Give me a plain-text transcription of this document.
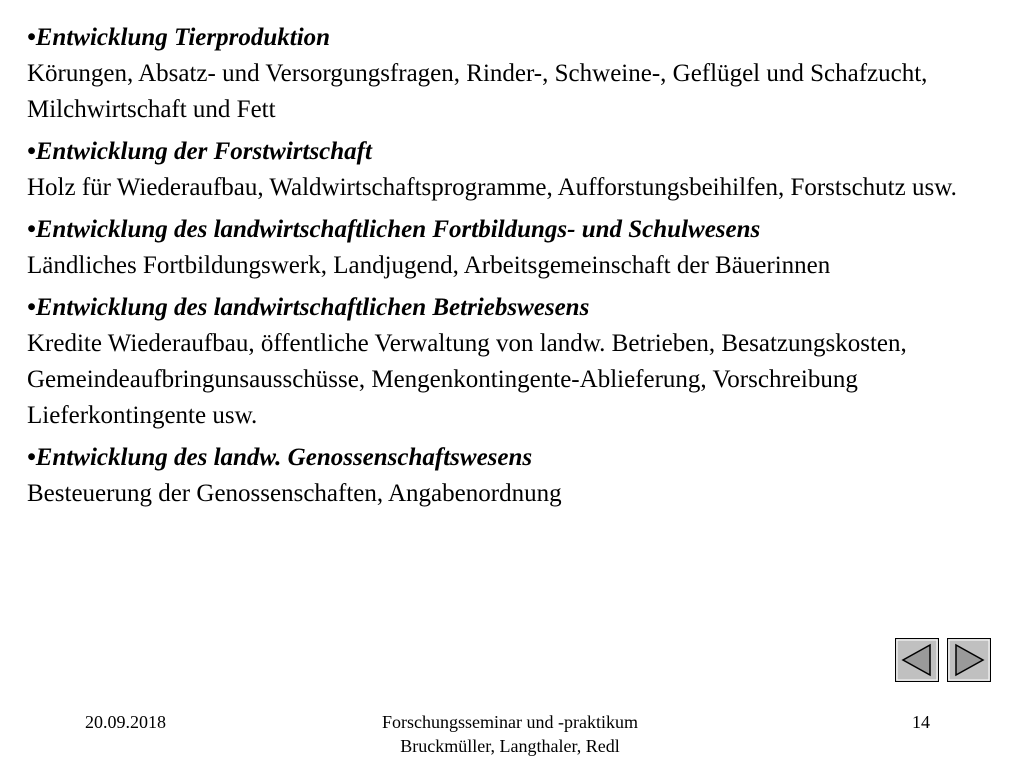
•Entwicklung Tierproduktion

Körungen, Absatz- und Versorgungsfragen, Rinder-, Schweine-, Geflügel und Schafzucht, Milchwirtschaft und Fett

•Entwicklung der Forstwirtschaft

Holz für Wiederaufbau, Waldwirtschaftsprogramme, Aufforstungsbeihilfen, Forstschutz usw.

•Entwicklung des landwirtschaftlichen Fortbildungs- und Schulwesens

Ländliches Fortbildungswerk, Landjugend, Arbeitsgemeinschaft der Bäuerinnen

•Entwicklung des landwirtschaftlichen Betriebswesens

Kredite Wiederaufbau, öffentliche Verwaltung von landw. Betrieben, Besatzungskosten, Gemeindeaufbringunsausschüsse, Mengenkontingente-Ablieferung, Vorschreibung Lieferkontingente usw.

•Entwicklung des landw. Genossenschaftswesens

Besteuerung der Genossenschaften, Angabenordnung

20.09.2018	Forschungsseminar und -praktikum
Bruckmüller, Langthaler, Redl
14
